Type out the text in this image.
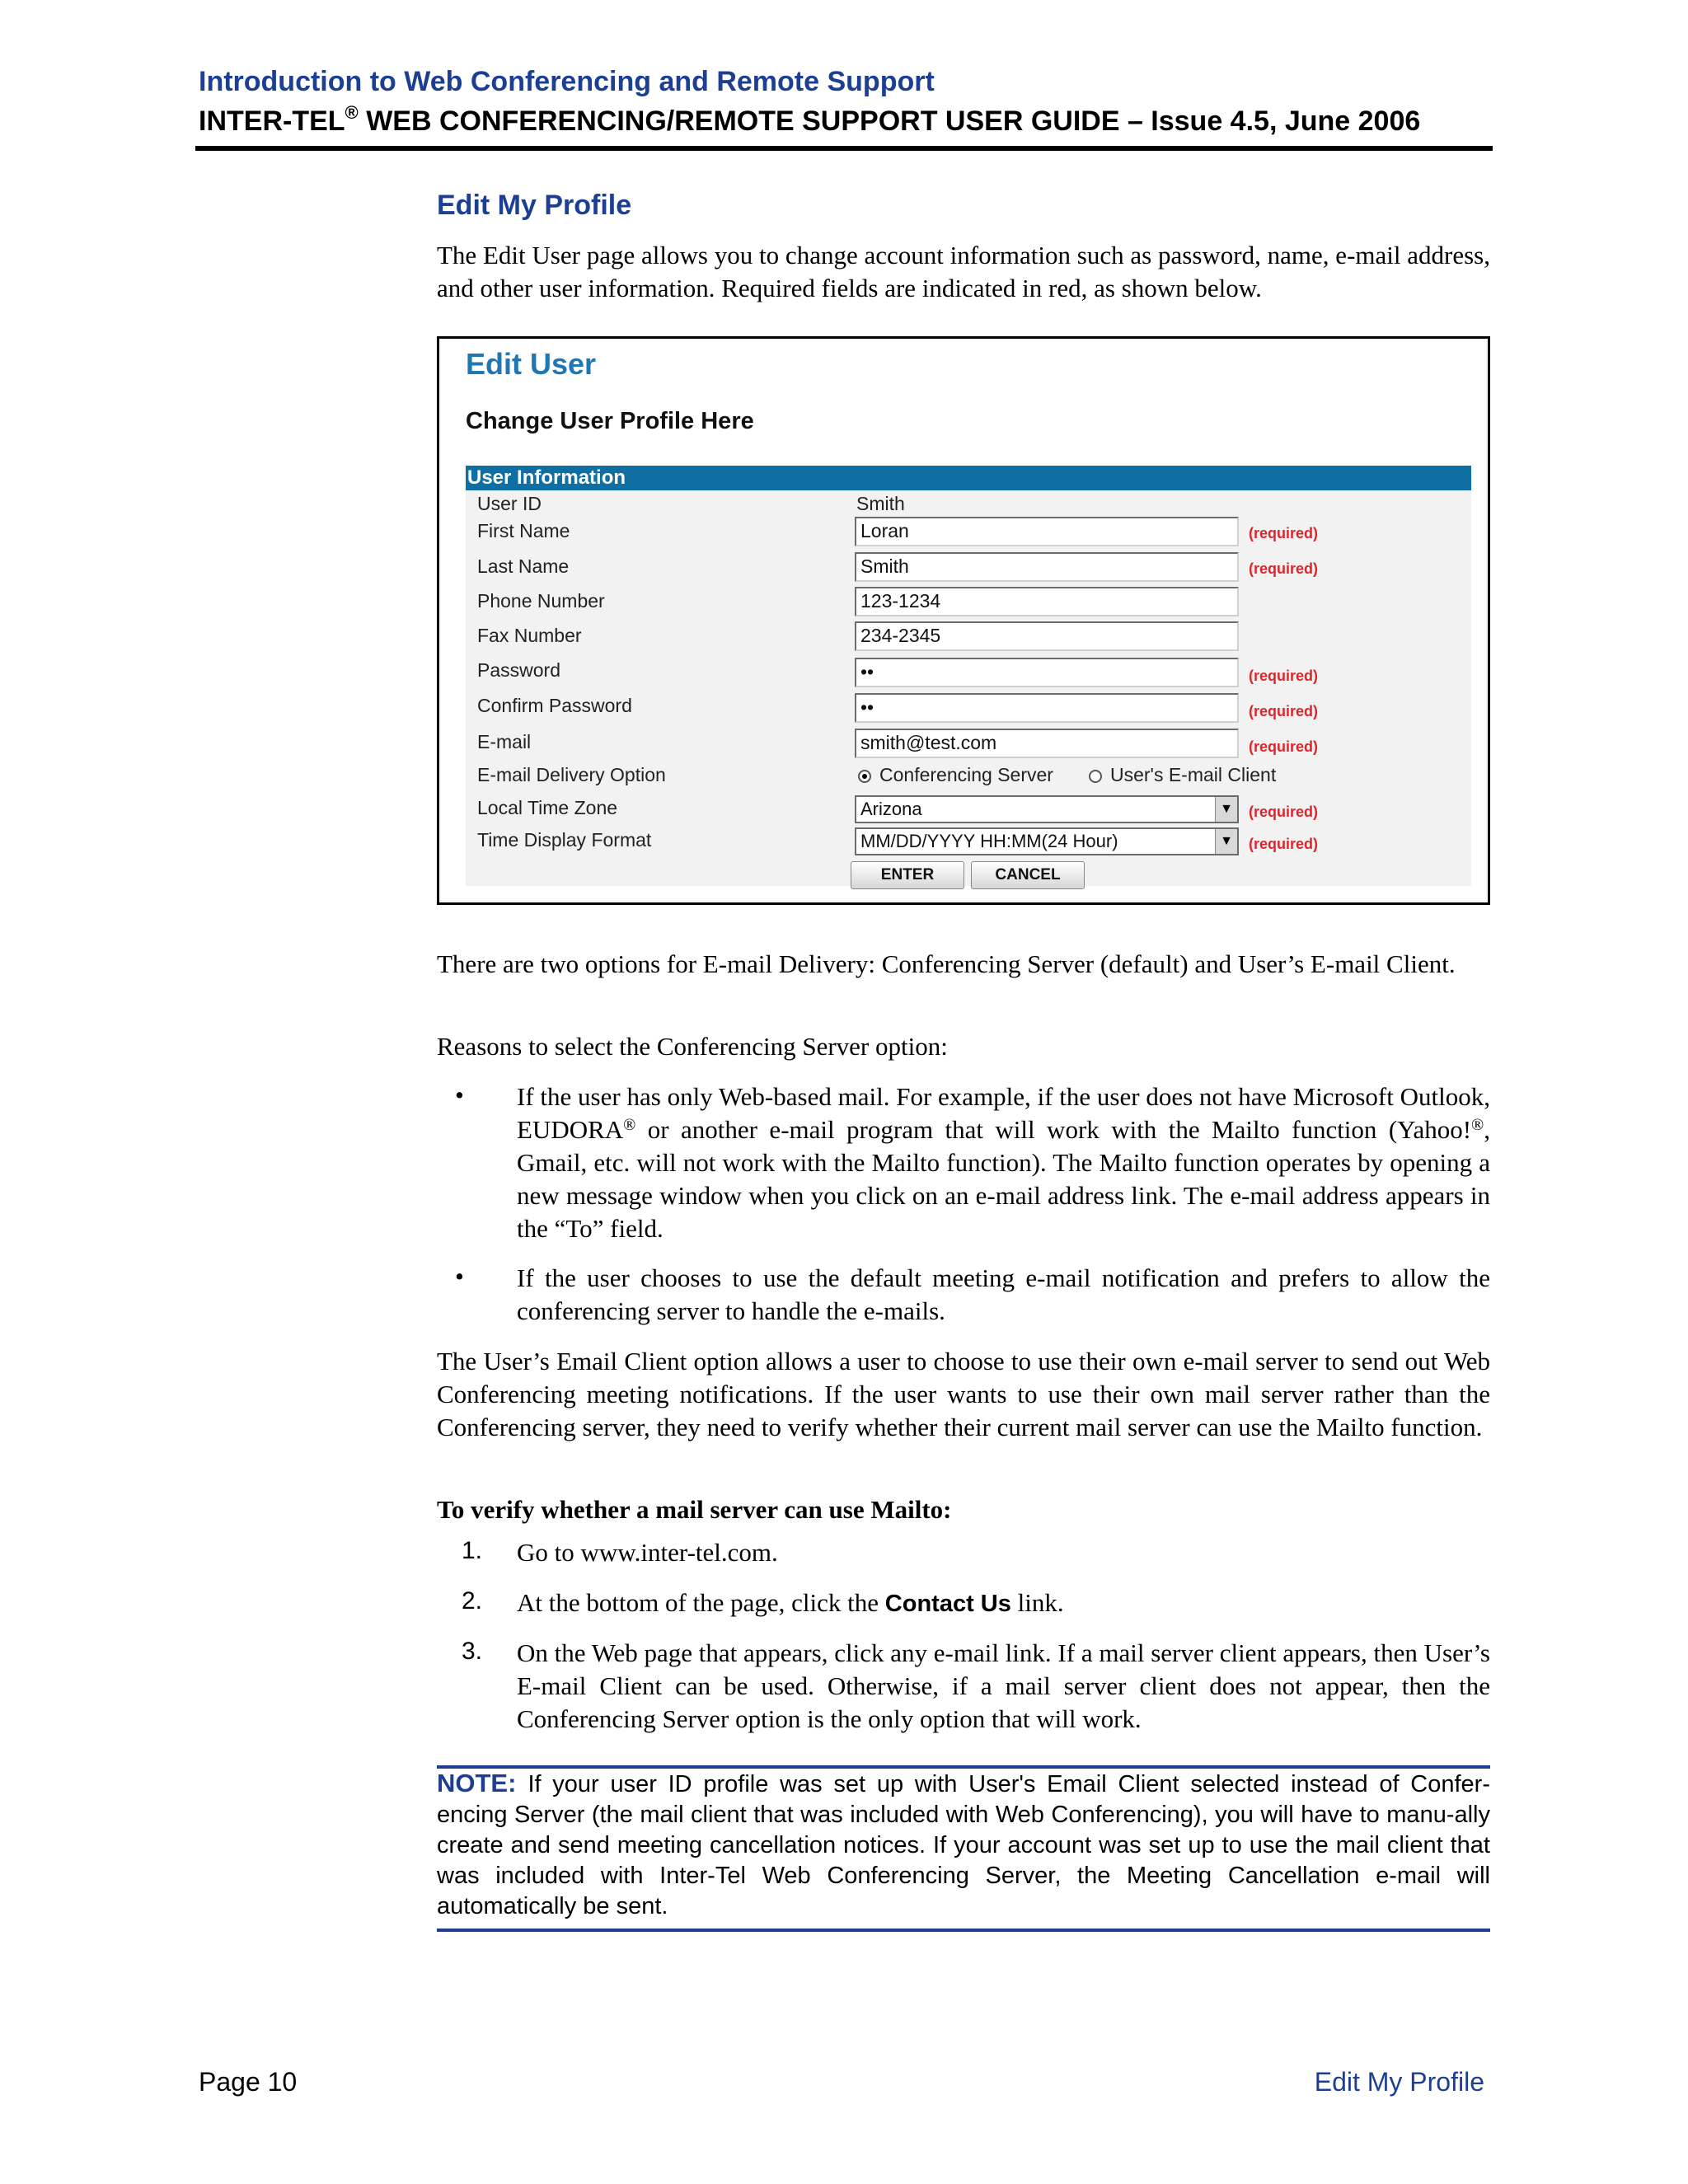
Introduction to Web Conferencing and Remote Support
INTER-TEL® WEB CONFERENCING/REMOTE SUPPORT USER GUIDE – Issue 4.5, June 2006
Edit My Profile
The Edit User page allows you to change account information such as password, name, e-mail address, and other user information. Required fields are indicated in red, as shown below.
Edit User
Change User Profile Here
User Information
User ID	Smith
First Name	Loran	(required)
Last Name	Smith	(required)
Phone Number	123-1234
Fax Number	234-2345
Password	••	(required)
Confirm Password	••	(required)
E-mail	smith@test.com	(required)
E-mail Delivery Option	Conferencing Server	User's E-mail Client
Local Time Zone	Arizona	▼ (required)
Time Display Format	MM/DD/YYYY HH:MM(24 Hour)	▼ (required)
ENTER	CANCEL
There are two options for E-mail Delivery: Conferencing Server (default) and User’s E-mail Client.
Reasons to select the Conferencing Server option:
• If the user has only Web-based mail. For example, if the user does not have Microsoft Outlook, EUDORA® or another e-mail program that will work with the Mailto function (Yahoo!®, Gmail, etc. will not work with the Mailto function). The Mailto function operates by opening a new message window when you click on an e-mail address link. The e-mail address appears in the “To” field.
• If the user chooses to use the default meeting e-mail notification and prefers to allow the conferencing server to handle the e-mails.
The User’s Email Client option allows a user to choose to use their own e-mail server to send out Web Conferencing meeting notifications. If the user wants to use their own mail server rather than the Conferencing server, they need to verify whether their current mail server can use the Mailto function.
To verify whether a mail server can use Mailto:
1. Go to www.inter-tel.com.
2. At the bottom of the page, click the Contact Us link.
3. On the Web page that appears, click any e-mail link. If a mail server client appears, then User’s E-mail Client can be used. Otherwise, if a mail server client does not appear, then the Conferencing Server option is the only option that will work.
NOTE: If your user ID profile was set up with User's Email Client selected instead of Confer-encing Server (the mail client that was included with Web Conferencing), you will have to manu-ally create and send meeting cancellation notices. If your account was set up to use the mail client that was included with Inter-Tel Web Conferencing Server, the Meeting Cancellation e-mail will automatically be sent.
Page 10	Edit My Profile
